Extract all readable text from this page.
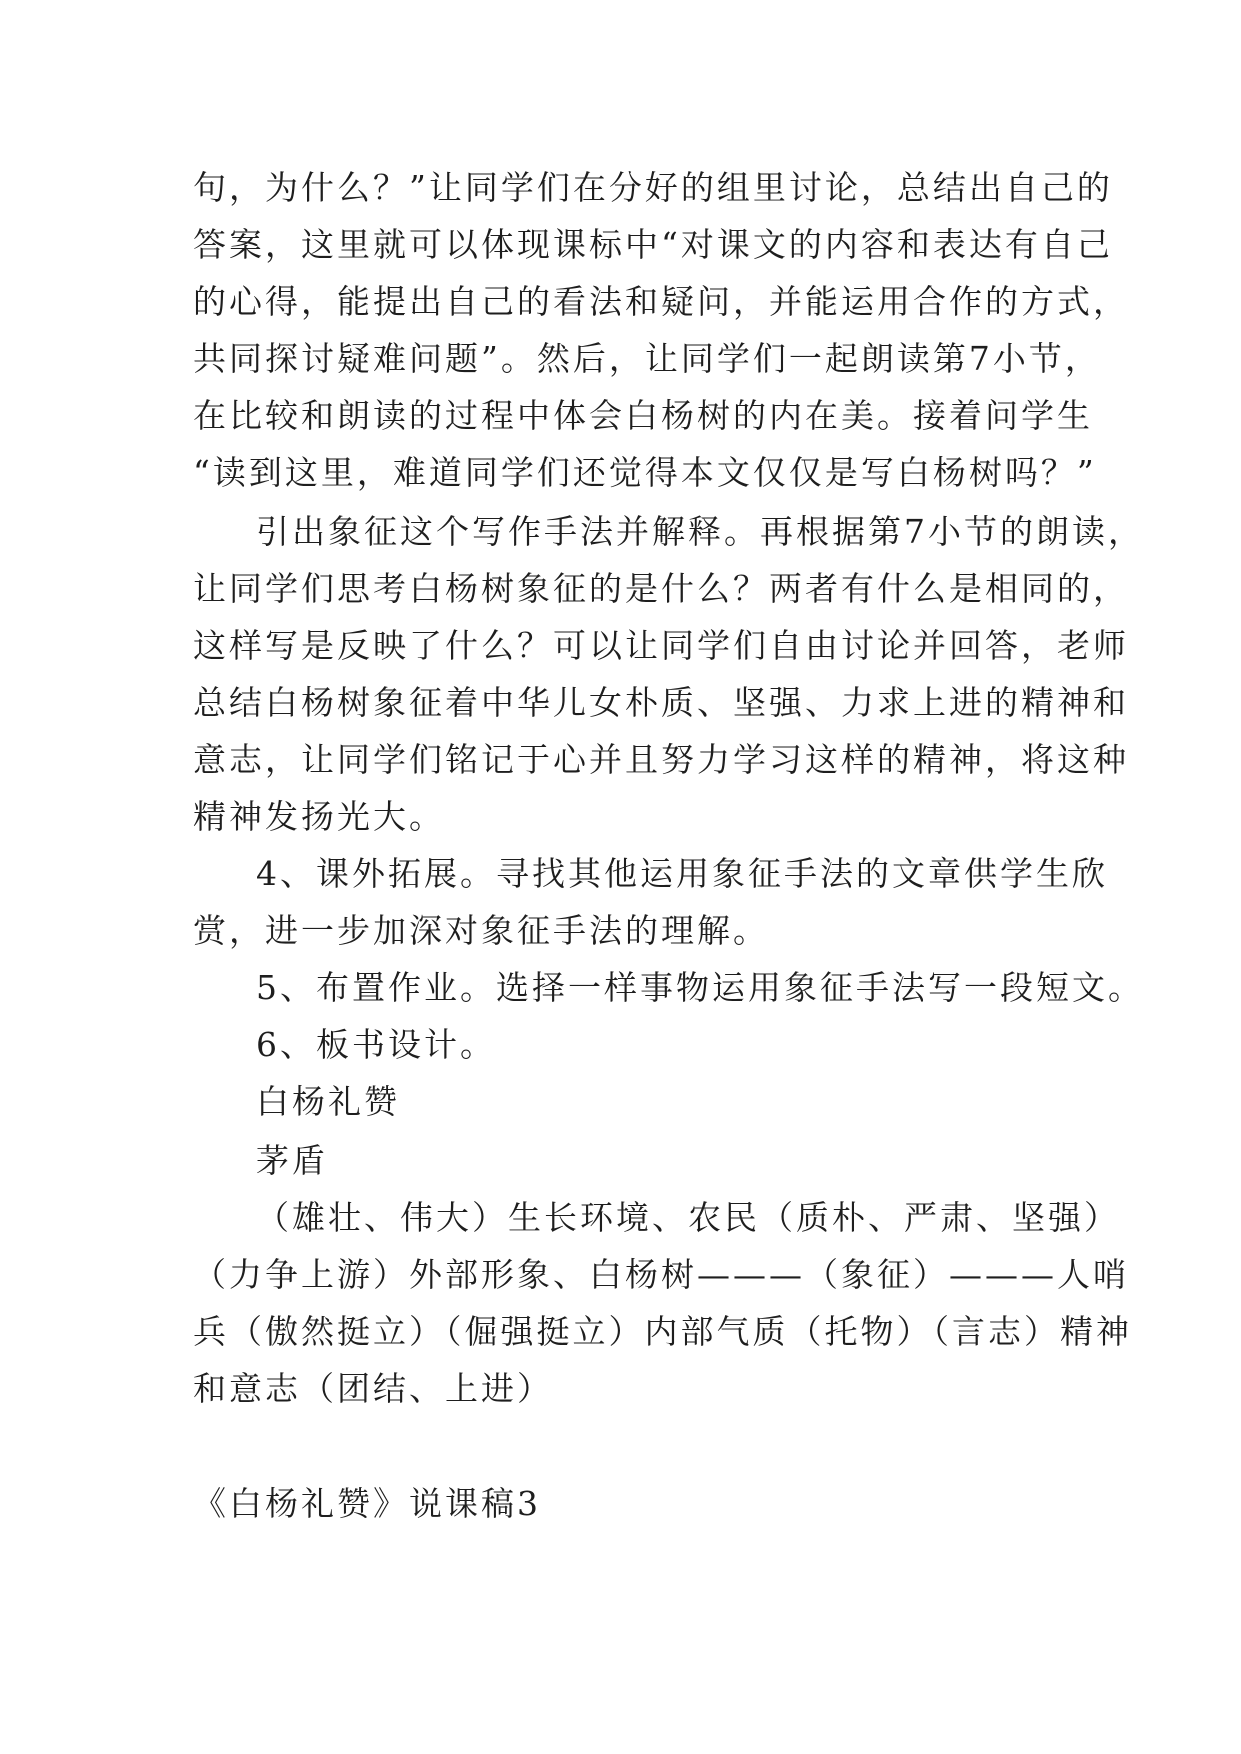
句，为什么？”让同学们在分好的组里讨论，总结出自己的
答案，这里就可以体现课标中“对课文的内容和表达有自己
的心得，能提出自己的看法和疑问，并能运用合作的方式，
共同探讨疑难问题”。然后，让同学们一起朗读第7小节，
在比较和朗读的过程中体会白杨树的内在美。接着问学生
“读到这里，难道同学们还觉得本文仅仅是写白杨树吗？”
引出象征这个写作手法并解释。再根据第7小节的朗读，
让同学们思考白杨树象征的是什么？两者有什么是相同的，
这样写是反映了什么？可以让同学们自由讨论并回答，老师
总结白杨树象征着中华儿女朴质、坚强、力求上进的精神和
意志，让同学们铭记于心并且努力学习这样的精神，将这种
精神发扬光大。
4、课外拓展。寻找其他运用象征手法的文章供学生欣
赏，进一步加深对象征手法的理解。
5、布置作业。选择一样事物运用象征手法写一段短文。
6、板书设计。
白杨礼赞
茅盾
（雄壮、伟大）生长环境、农民（质朴、严肃、坚强）
（力争上游）外部形象、白杨树———（象征）———人哨
兵（傲然挺立）（倔强挺立）内部气质（托物）（言志）精神
和意志（团结、上进）
《白杨礼赞》说课稿3
